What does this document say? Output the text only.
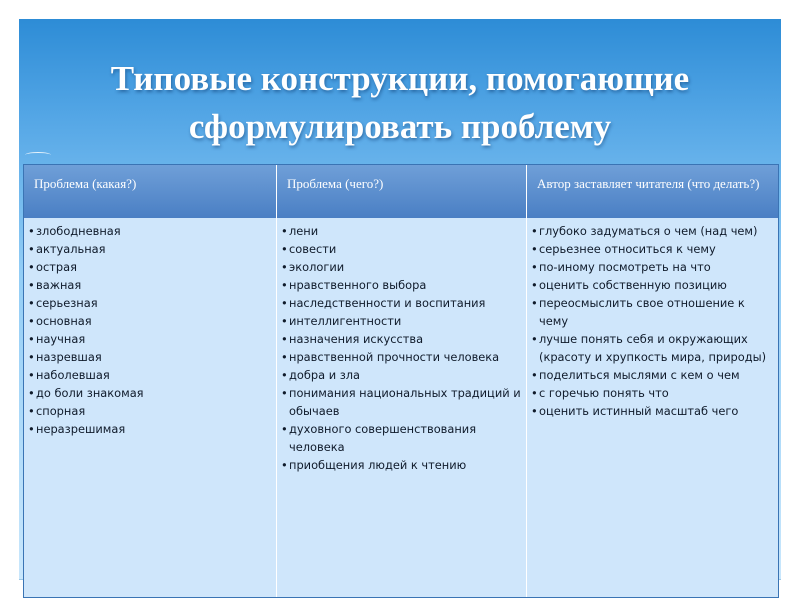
Типовые конструкции, помогающие
сформулировать проблему
Проблема (какая?)	Проблема (чего?)	Автор заставляет читателя (что делать?)
• злободневная
• актуальная
• острая
• важная
• серьезная
• основная
• научная
• назревшая
• наболевшая
• до боли знакомая
• спорная
• неразрешимая
• лени
• совести
• экологии
• нравственного выбора
• наследственности и воспитания
• интеллигентности
• назначения искусства
• нравственной прочности человека
• добра и зла
• понимания национальных традиций и обычаев
• духовного совершенствования человека
• приобщения людей к чтению
• глубоко задуматься о чем (над чем)
• серьезнее относиться к чему
• по-иному посмотреть на что
• оценить собственную позицию
• переосмыслить свое отношение к чему
• лучше понять себя и окружающих (красоту и хрупкость мира, природы)
• поделиться мыслями с кем о чем
• с горечью понять что
• оценить истинный масштаб чего
